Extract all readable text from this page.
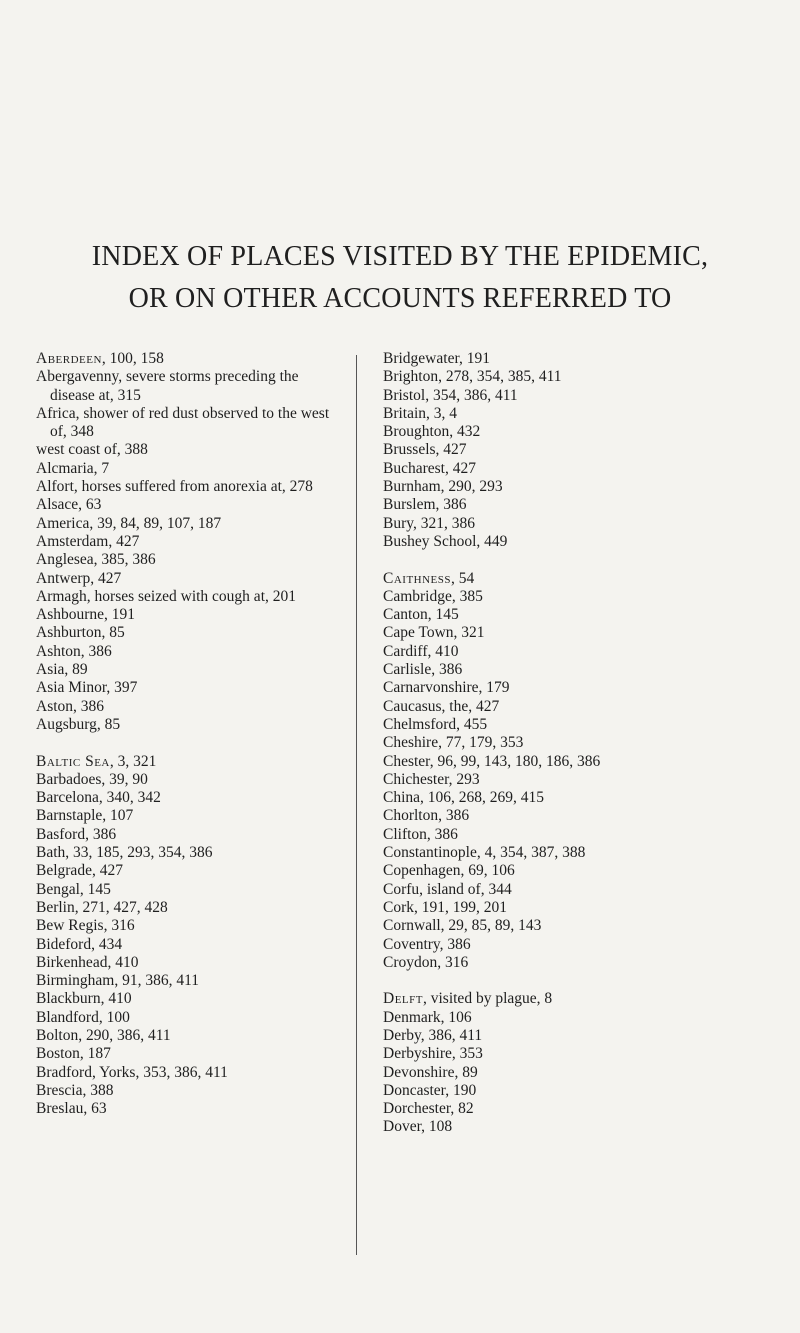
INDEX OF PLACES VISITED BY THE EPIDEMIC,
OR ON OTHER ACCOUNTS REFERRED TO
Aberdeen, 100, 158
Abergavenny, severe storms preceding the disease at, 315
Africa, shower of red dust observed to the west of, 348
west coast of, 388
Alcmaria, 7
Alfort, horses suffered from anorexia at, 278
Alsace, 63
America, 39, 84, 89, 107, 187
Amsterdam, 427
Anglesea, 385, 386
Antwerp, 427
Armagh, horses seized with cough at, 201
Ashbourne, 191
Ashburton, 85
Ashton, 386
Asia, 89
Asia Minor, 397
Aston, 386
Augsburg, 85
Baltic Sea, 3, 321
Barbadoes, 39, 90
Barcelona, 340, 342
Barnstaple, 107
Basford, 386
Bath, 33, 185, 293, 354, 386
Belgrade, 427
Bengal, 145
Berlin, 271, 427, 428
Bew Regis, 316
Bideford, 434
Birkenhead, 410
Birmingham, 91, 386, 411
Blackburn, 410
Blandford, 100
Bolton, 290, 386, 411
Boston, 187
Bradford, Yorks, 353, 386, 411
Brescia, 388
Breslau, 63
Bridgewater, 191
Brighton, 278, 354, 385, 411
Bristol, 354, 386, 411
Britain, 3, 4
Broughton, 432
Brussels, 427
Bucharest, 427
Burnham, 290, 293
Burslem, 386
Bury, 321, 386
Bushey School, 449
Caithness, 54
Cambridge, 385
Canton, 145
Cape Town, 321
Cardiff, 410
Carlisle, 386
Carnarvonshire, 179
Caucasus, the, 427
Chelmsford, 455
Cheshire, 77, 179, 353
Chester, 96, 99, 143, 180, 186, 386
Chichester, 293
China, 106, 268, 269, 415
Chorlton, 386
Clifton, 386
Constantinople, 4, 354, 387, 388
Copenhagen, 69, 106
Corfu, island of, 344
Cork, 191, 199, 201
Cornwall, 29, 85, 89, 143
Coventry, 386
Croydon, 316
Delft, visited by plague, 8
Denmark, 106
Derby, 386, 411
Derbyshire, 353
Devonshire, 89
Doncaster, 190
Dorchester, 82
Dover, 108
